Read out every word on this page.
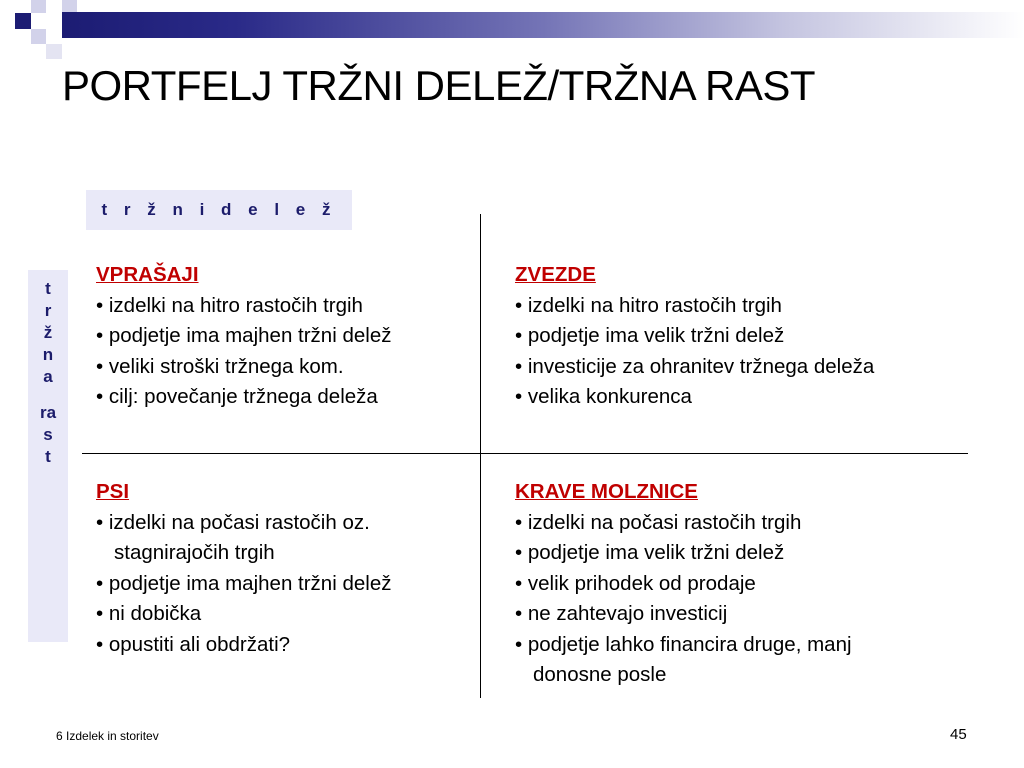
PORTFELJ TRŽNI DELEŽ/TRŽNA RAST
t r ž n i d e l e ž
t
r
ž
n
a
ra
s
t
VPRAŠAJI
• izdelki na hitro rastočih trgih
• podjetje ima majhen tržni delež
• veliki stroški tržnega kom.
• cilj: povečanje tržnega deleža
ZVEZDE
• izdelki na hitro rastočih trgih
• podjetje ima velik tržni delež
• investicije za ohranitev tržnega deleža
• velika konkurenca
PSI
• izdelki na počasi rastočih oz.
stagnirajočih trgih
• podjetje ima majhen tržni delež
• ni dobička
• opustiti ali obdržati?
KRAVE MOLZNICE
• izdelki na počasi rastočih trgih
• podjetje ima velik tržni delež
• velik prihodek od prodaje
• ne zahtevajo investicij
• podjetje lahko financira druge, manj
donosne posle
6 Izdelek in storitev	45
